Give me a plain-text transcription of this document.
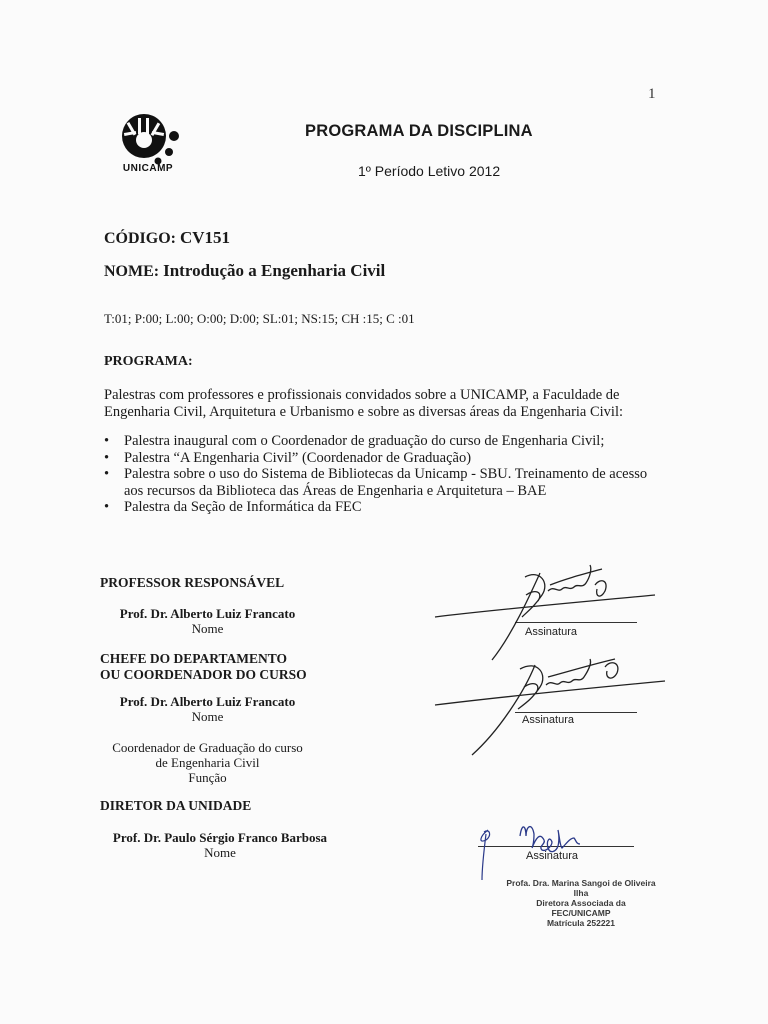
1
UNICAMP
PROGRAMA DA DISCIPLINA
1º Período Letivo 2012
CÓDIGO: CV151
NOME: Introdução a Engenharia Civil
T:01; P:00; L:00; O:00; D:00; SL:01; NS:15; CH :15; C :01
PROGRAMA:
Palestras com professores e profissionais convidados sobre a UNICAMP, a Faculdade de Engenharia Civil, Arquitetura e Urbanismo e sobre as diversas áreas da Engenharia Civil:
• Palestra inaugural com o Coordenador de graduação do curso de Engenharia Civil;
• Palestra “A Engenharia Civil” (Coordenador de Graduação)
• Palestra sobre o uso do Sistema de Bibliotecas da Unicamp - SBU. Treinamento de acesso aos recursos da Biblioteca das Áreas de Engenharia e Arquitetura – BAE
• Palestra da Seção de Informática da FEC
PROFESSOR RESPONSÁVEL
Prof. Dr. Alberto Luiz Francato
Nome
CHEFE DO DEPARTAMENTO
OU COORDENADOR DO CURSO
Prof. Dr. Alberto Luiz Francato
Nome
Coordenador de Graduação do curso
de Engenharia Civil
Função
DIRETOR DA UNIDADE
Prof. Dr. Paulo Sérgio Franco Barbosa
Nome
Assinatura
Assinatura
Assinatura
Profa. Dra. Marina Sangoi de Oliveira Ilha
Diretora Associada da FEC/UNICAMP
Matrícula 252221
